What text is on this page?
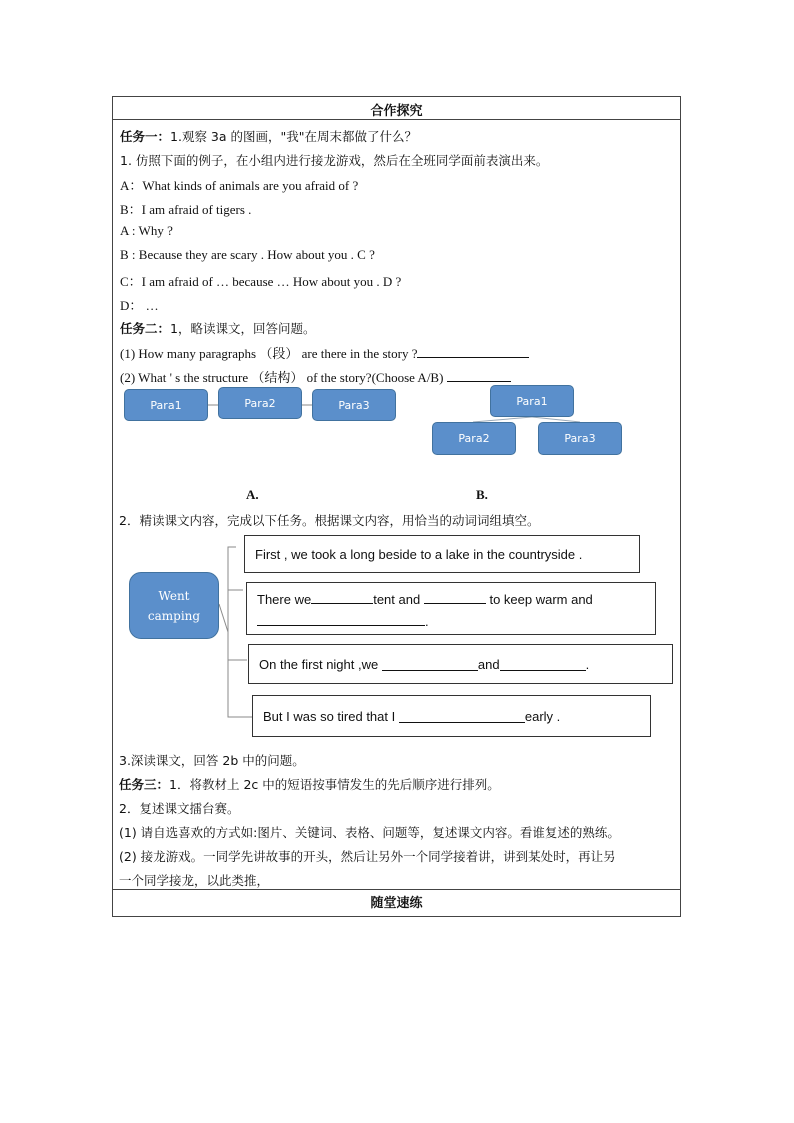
合作探究
任务一：1.观察 3a 的图画，"我"在周末都做了什么？
1. 仿照下面的例子，在小组内进行接龙游戏，然后在全班同学面前表演出来。
A：What kinds of animals are you afraid of ?
B：I am afraid of tigers .
A : Why ?
B : Because they are scary . How about you . C ?
C：I am afraid of … because … How about you . D ?
D： …
任务二：1，略读课文，回答问题。
(1) How many paragraphs （段） are there in the story ?
(2) What ' s the structure （结构） of the story?(Choose A/B)
Para1	Para2	Para3
A.
Para1
Para2	Para3
B.
2．精读课文内容，完成以下任务。根据课文内容，用恰当的动词词组填空。
Went
camping
First , we took a long beside to a lake in the countryside .
There we	tent and	to keep warm and
.
On the first night ,we
	and	.
But I was so tired that I
	early .
3.深读课文，回答 2b 中的问题。
任务三：1．将教材上 2c 中的短语按事情发生的先后顺序进行排列。
2．复述课文擂台赛。
(1) 请自选喜欢的方式如:图片、关键词、表格、问题等，复述课文内容。看谁复述的熟练。
(2) 接龙游戏。一同学先讲故事的开头，然后让另外一个同学接着讲，讲到某处时，再让另
一个同学接龙，以此类推，
随堂速练
